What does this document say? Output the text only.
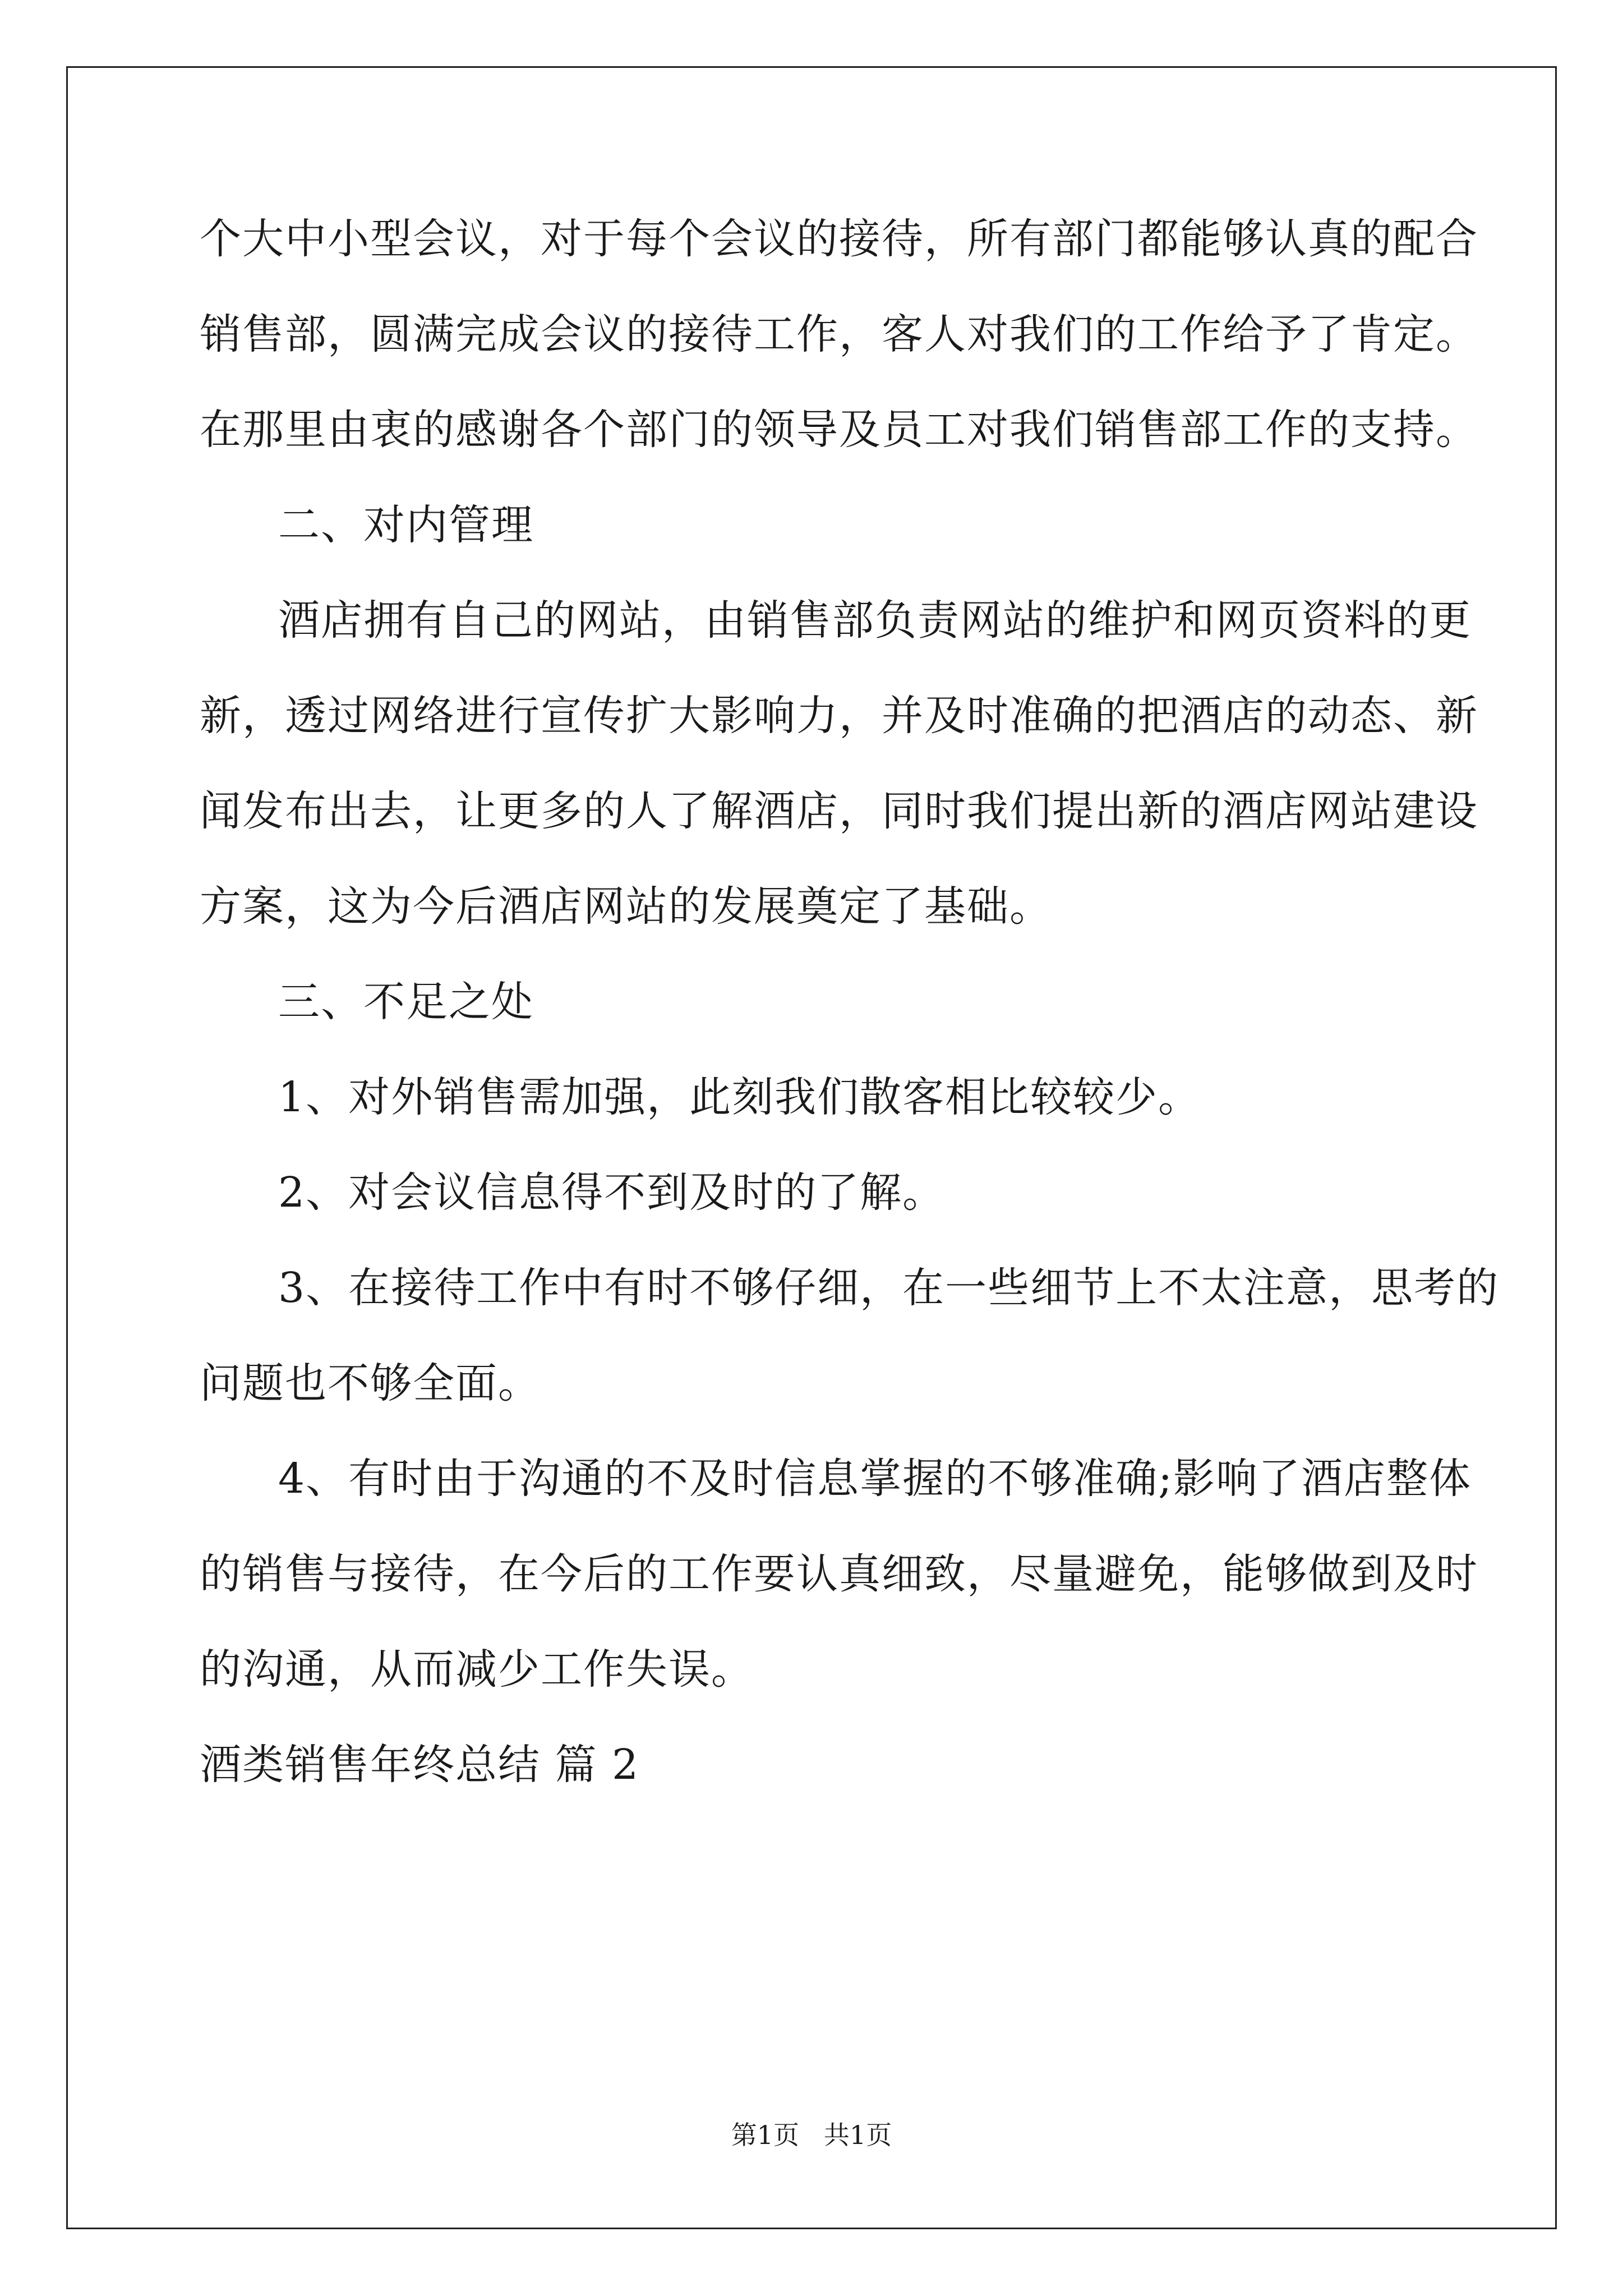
个大中小型会议，对于每个会议的接待，所有部门都能够认真的配合
销售部，圆满完成会议的接待工作，客人对我们的工作给予了肯定。
在那里由衷的感谢各个部门的领导及员工对我们销售部工作的支持。
二、对内管理
酒店拥有自己的网站，由销售部负责网站的维护和网页资料的更
新，透过网络进行宣传扩大影响力，并及时准确的把酒店的动态、新
闻发布出去，让更多的人了解酒店，同时我们提出新的酒店网站建设
方案，这为今后酒店网站的发展奠定了基础。
三、不足之处
1、对外销售需加强，此刻我们散客相比较较少。
2、对会议信息得不到及时的了解。
3、在接待工作中有时不够仔细，在一些细节上不太注意，思考的
问题也不够全面。
4、有时由于沟通的不及时信息掌握的不够准确;影响了酒店整体
的销售与接待，在今后的工作要认真细致，尽量避免，能够做到及时
的沟通，从而减少工作失误。
酒类销售年终总结 篇 2
第1页   共1页
